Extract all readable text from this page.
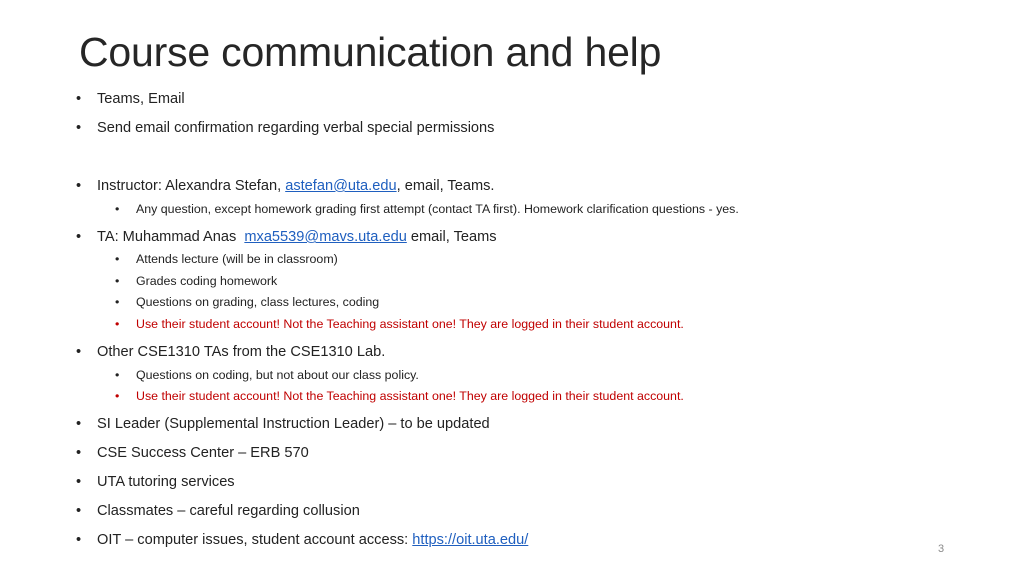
Course communication and help
• Teams, Email
• Send email confirmation regarding verbal special permissions
• Instructor: Alexandra Stefan, astefan@uta.edu, email, Teams.
• Any question, except homework grading first attempt (contact TA first). Homework clarification questions - yes.
• TA: Muhammad Anas  mxa5539@mavs.uta.edu email, Teams
• Attends lecture (will be in classroom)
• Grades coding homework
• Questions on grading, class lectures, coding
• Use their student account! Not the Teaching assistant one! They are logged in their student account.
• Other CSE1310 TAs from the CSE1310 Lab.
• Questions on coding, but not about our class policy.
• Use their student account! Not the Teaching assistant one! They are logged in their student account.
• SI Leader (Supplemental Instruction Leader) – to be updated
• CSE Success Center – ERB 570
• UTA tutoring services
• Classmates – careful regarding collusion
• OIT – computer issues, student account access: https://oit.uta.edu/
3
